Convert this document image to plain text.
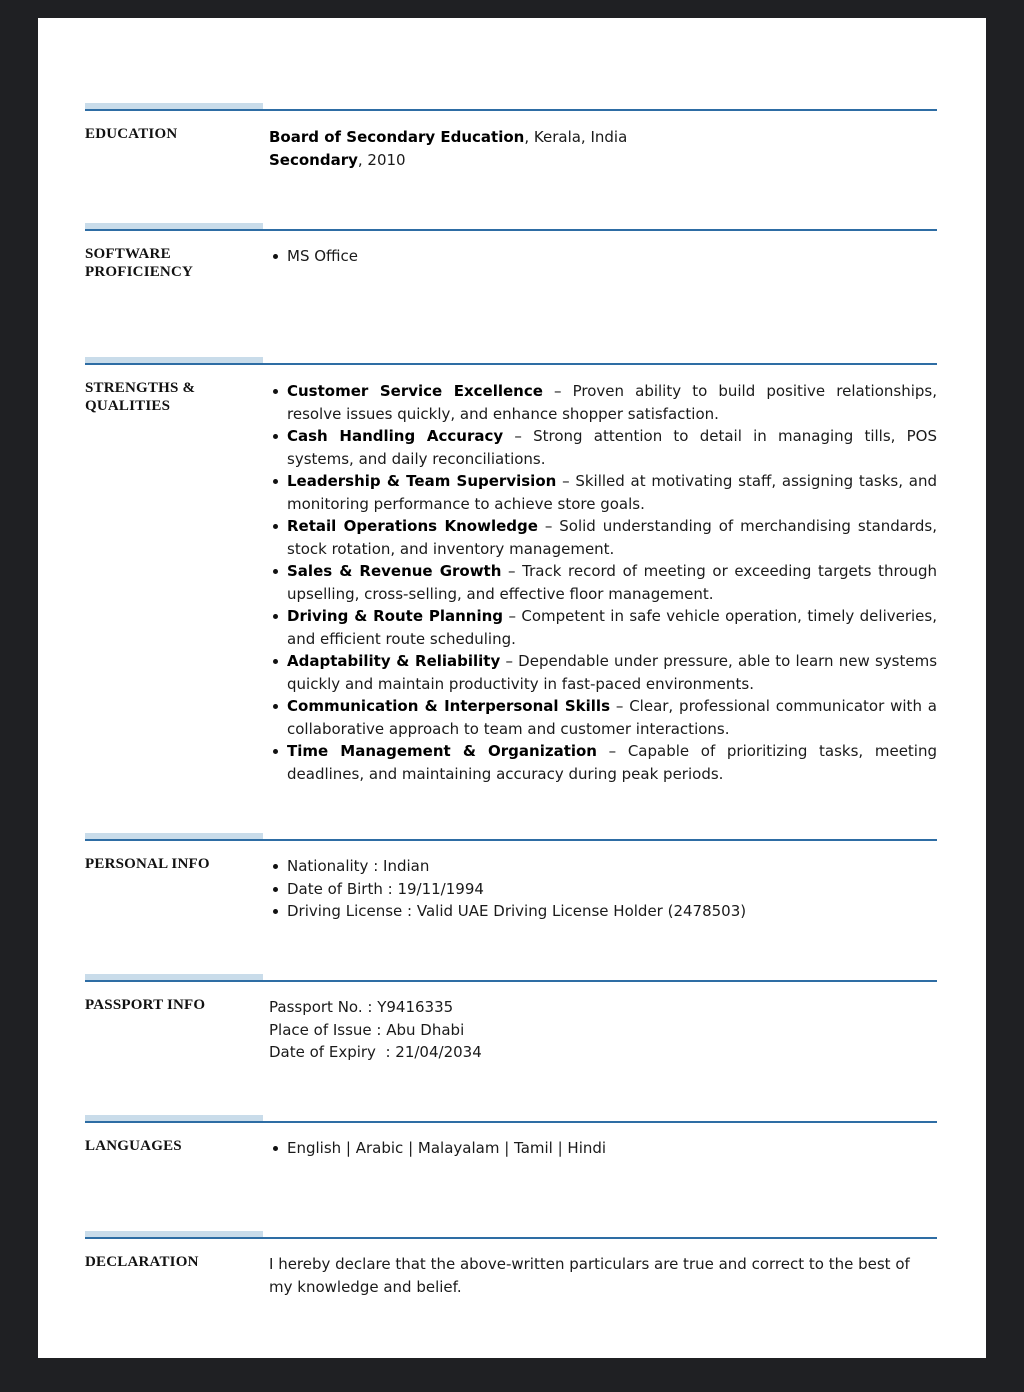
EDUCATION	Board of Secondary Education, Kerala, India
Secondary, 2010
SOFTWARE PROFICIENCY
MS Office
STRENGTHS & QUALITIES
Customer Service Excellence – Proven ability to build positive relationships, resolve issues quickly, and enhance shopper satisfaction.
Cash Handling Accuracy – Strong attention to detail in managing tills, POS systems, and daily reconciliations.
Leadership & Team Supervision – Skilled at motivating staff, assigning tasks, and monitoring performance to achieve store goals.
Retail Operations Knowledge – Solid understanding of merchandising standards, stock rotation, and inventory management.
Sales & Revenue Growth – Track record of meeting or exceeding targets through upselling, cross-selling, and effective floor management.
Driving & Route Planning – Competent in safe vehicle operation, timely deliveries, and efficient route scheduling.
Adaptability & Reliability – Dependable under pressure, able to learn new systems quickly and maintain productivity in fast-paced environments.
Communication & Interpersonal Skills – Clear, professional communicator with a collaborative approach to team and customer interactions.
Time Management & Organization – Capable of prioritizing tasks, meeting deadlines, and maintaining accuracy during peak periods.
PERSONAL INFO	Nationality : Indian
Date of Birth : 19/11/1994
Driving License : Valid UAE Driving License Holder (2478503)
PASSPORT INFO	Passport No. : Y9416335
Place of Issue : Abu Dhabi
Date of Expiry  : 21/04/2034
LANGUAGES	English | Arabic | Malayalam | Tamil | Hindi
DECLARATION	I hereby declare that the above-written particulars are true and correct to the best of my knowledge and belief.
